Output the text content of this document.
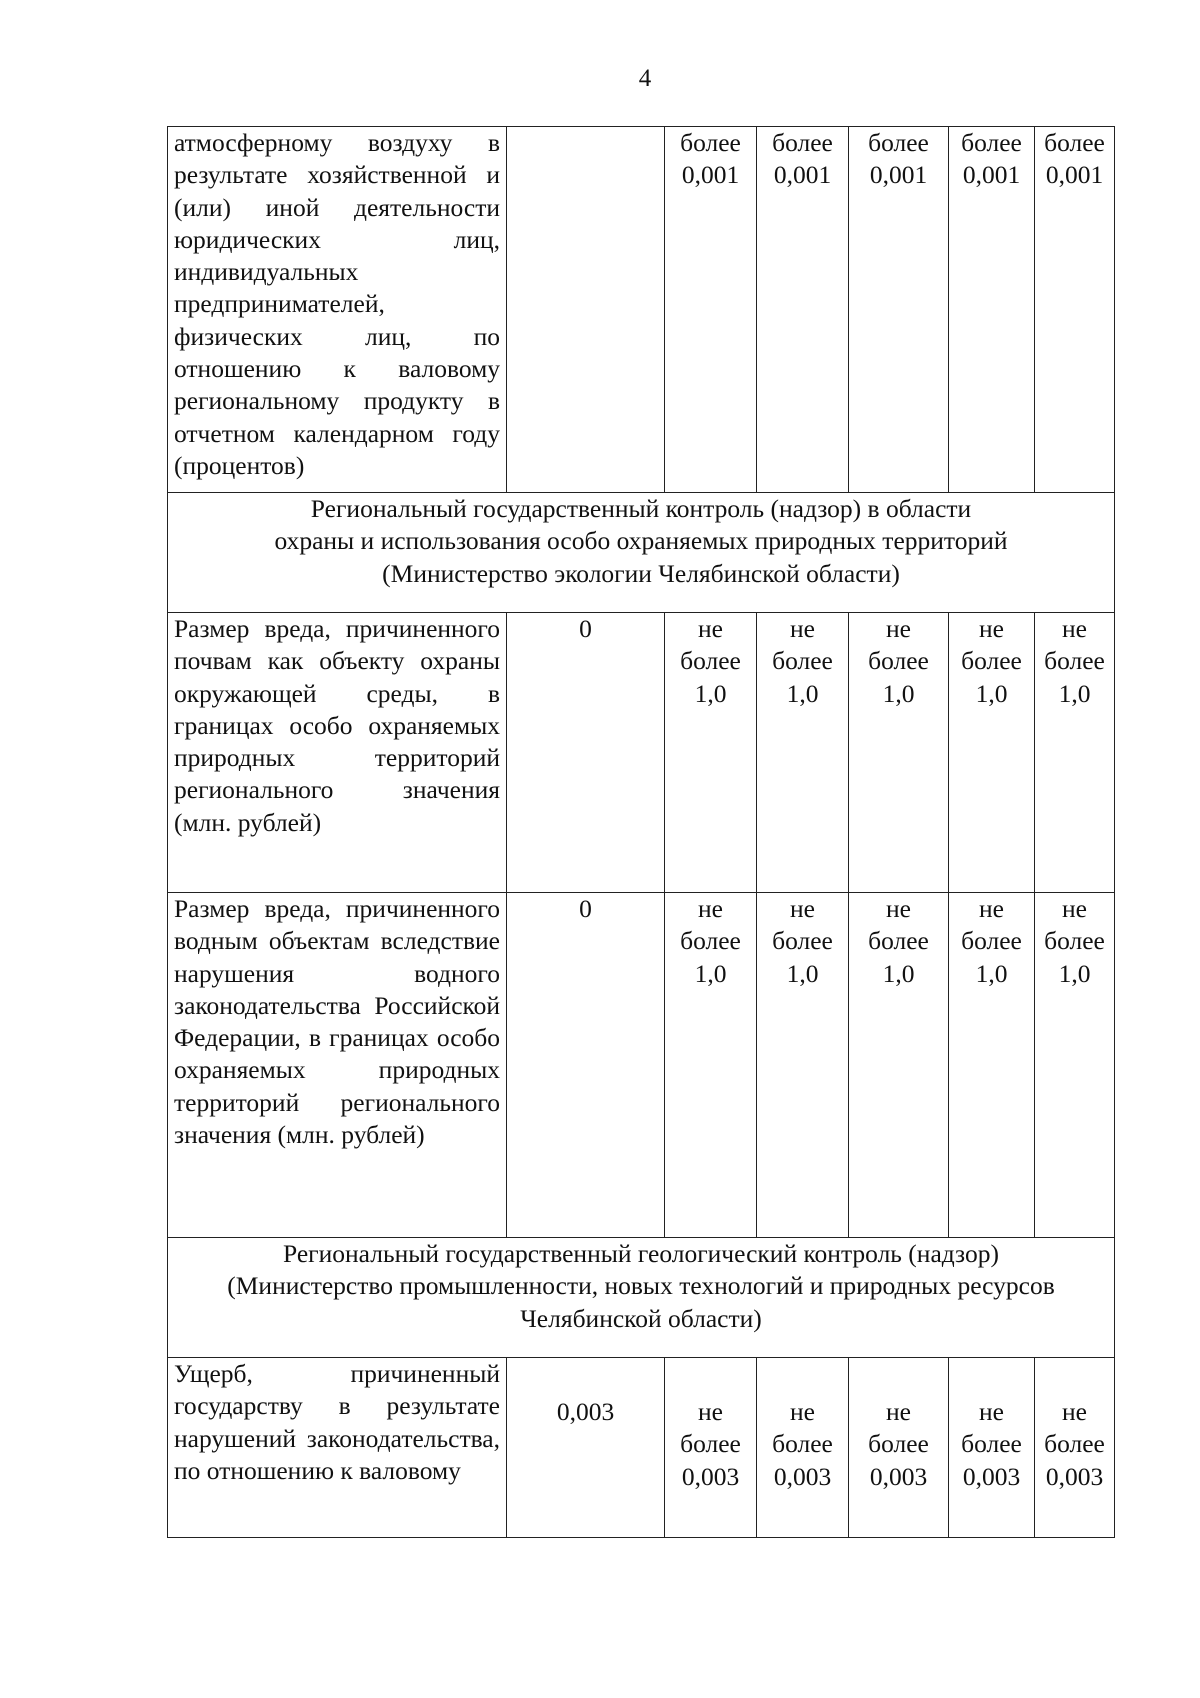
4
атмосферному воздуху в результате хозяйственной и (или) иной деятельности юридических лиц, индивидуальных предпринимателей, физических лиц, по отношению к валовому региональному продукту в отчетном календарном году (процентов)		более
0,001	более
0,001	более
0,001	более
0,001	более
0,001

Региональный государственный контроль (надзор) в области
охраны и использования особо охраняемых природных территорий
(Министерство экологии Челябинской области)						

Размер вреда, причиненного почвам как объекту охраны окружающей среды, в границах особо охраняемых природных территорий регионального значения (млн. рублей)	0	не
более
1,0	не
более
1,0	не
более
1,0	не
более
1,0	не
более
1,0

Размер вреда, причиненного водным объектам вследствие нарушения водного законодательства Российской Федерации, в границах особо охраняемых природных территорий регионального значения (млн. рублей)	0	не
более
1,0	не
более
1,0	не
более
1,0	не
более
1,0	не
более
1,0

Региональный государственный геологический контроль (надзор)
(Министерство промышленности, новых технологий и природных ресурсов
Челябинской области)						

Ущерб, причиненный государству в результате нарушений законодательства, по отношению к валовому	0,003	не
более
0,003	не
более
0,003	не
более
0,003	не
более
0,003	не
более
0,003
